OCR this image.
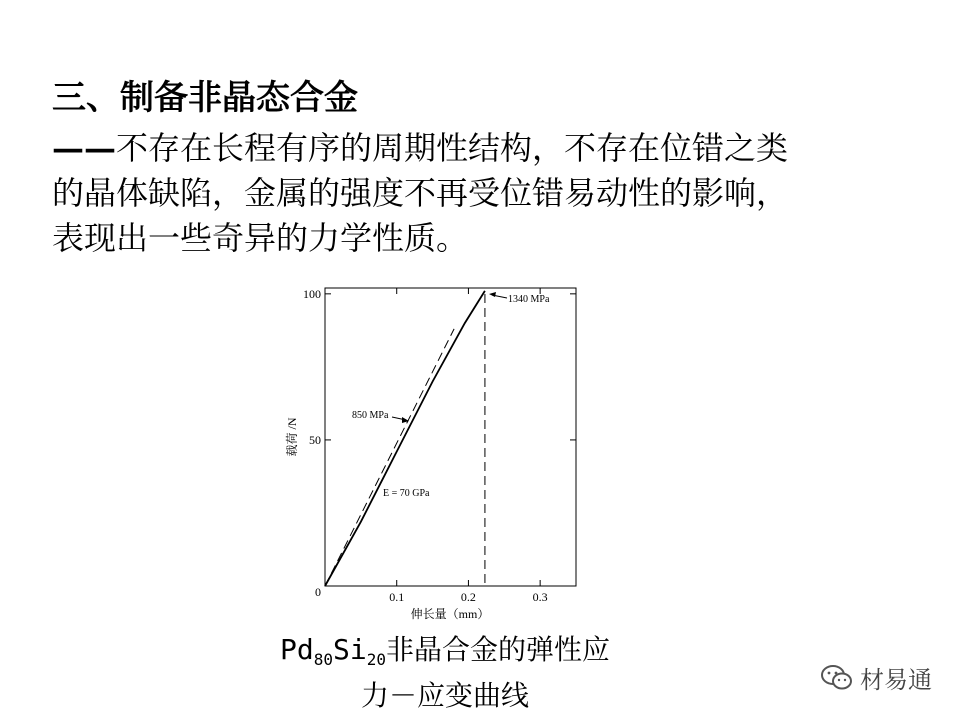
三、制备非晶态合金
——不存在长程有序的周期性结构，不存在位错之类
的晶体缺陷，金属的强度不再受位错易动性的影响，
表现出一些奇异的力学性质。
50
100
0.1	0.2	0.3
1340 MPa
850 MPa
E = 70 GPa
0
伸长量（mm）
载荷 /N
$Pd_{80}Si_{20}$非晶合金的弹性应
力－应变曲线	材易通
